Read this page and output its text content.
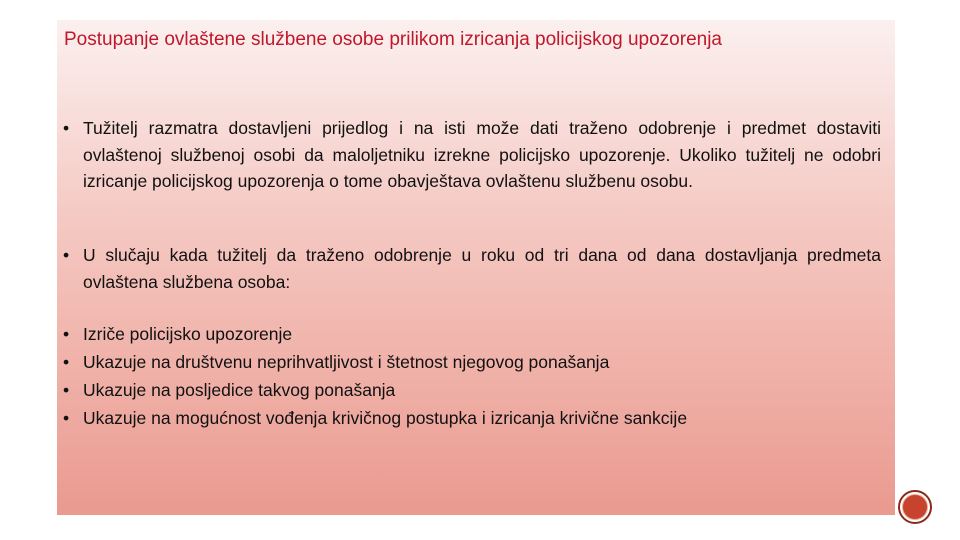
Postupanje ovlaštene službene osobe prilikom izricanja policijskog upozorenja

• Tužitelj razmatra dostavljeni prijedlog i na isti može dati traženo odobrenje i predmet dostaviti ovlaštenoj službenoj osobi da maloljetniku izrekne policijsko upozorenje. Ukoliko tužitelj ne odobri izricanje policijskog upozorenja o tome obavještava ovlaštenu službenu osobu.

• U slučaju kada tužitelj da traženo odobrenje u roku od tri dana od dana dostavljanja predmeta ovlaštena službena osoba:

• Izriče policijsko upozorenje
• Ukazuje na društvenu neprihvatljivost i štetnost njegovog ponašanja
• Ukazuje na posljedice takvog ponašanja
• Ukazuje na mogućnost vođenja krivičnog postupka i izricanja krivične sankcije
